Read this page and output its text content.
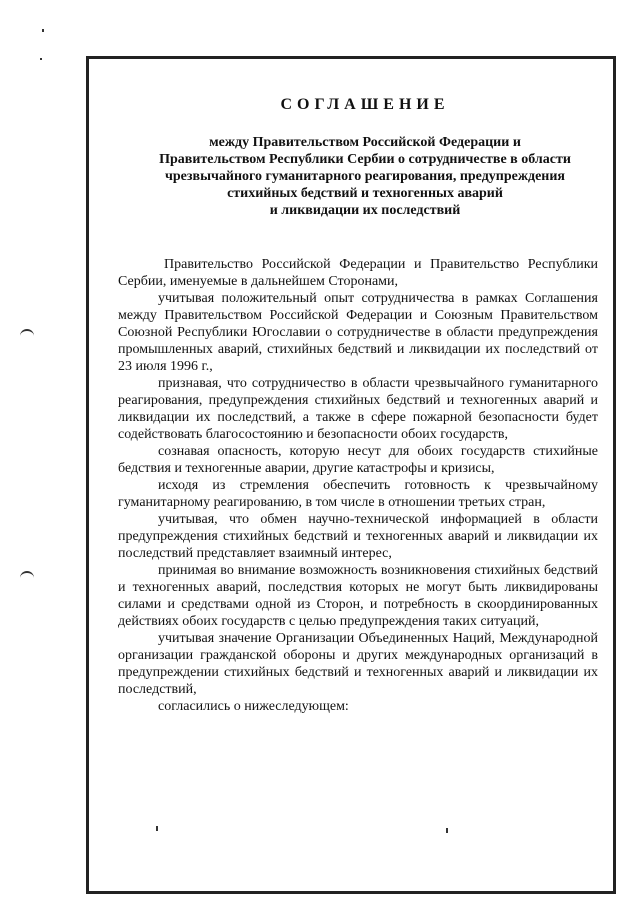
СОГЛАШЕНИЕ
между Правительством Российской Федерации и
Правительством Республики Сербии о сотрудничестве в области
чрезвычайного гуманитарного реагирования, предупреждения
стихийных бедствий и техногенных аварий
и ликвидации их последствий

Правительство Российской Федерации и Правительство Республики Сербии, именуемые в дальнейшем Сторонами,

учитывая положительный опыт сотрудничества в рамках Соглашения между Правительством Российской Федерации и Союзным Правительством Союзной Республики Югославии о сотрудничестве в области предупреждения промышленных аварий, стихийных бедствий и ликвидации их последствий от 23 июля 1996 г.,

признавая, что сотрудничество в области чрезвычайного гуманитарного реагирования, предупреждения стихийных бедствий и техногенных аварий и ликвидации их последствий, а также в сфере пожарной безопасности будет содействовать благосостоянию и безопасности обоих государств,

сознавая опасность, которую несут для обоих государств стихийные бедствия и техногенные аварии, другие катастрофы и кризисы,

исходя из стремления обеспечить готовность к чрезвычайному гуманитарному реагированию, в том числе в отношении третьих стран,

учитывая, что обмен научно-технической информацией в области предупреждения стихийных бедствий и техногенных аварий и ликвидации их последствий представляет взаимный интерес,

принимая во внимание возможность возникновения стихийных бедствий и техногенных аварий, последствия которых не могут быть ликвидированы силами и средствами одной из Сторон, и потребность в скоординированных действиях обоих государств с целью предупреждения таких ситуаций,

учитывая значение Организации Объединенных Наций, Международной организации гражданской обороны и других международных организаций в предупреждении стихийных бедствий и техногенных аварий и ликвидации их последствий,

согласились о нижеследующем:
